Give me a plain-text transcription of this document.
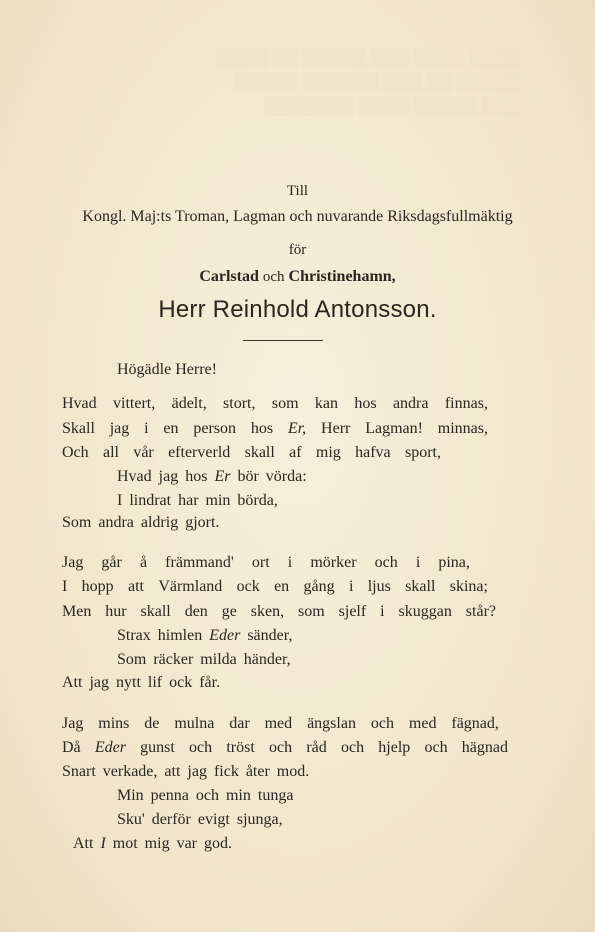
▒▒▒▒ ▒▒▒▒ ▒▒▒ ▒▒▒▒▒ ▒▒ ▒▒▒▒
▒▒▒▒▒ ▒▒ ▒▒▒ ▒▒▒▒▒▒ ▒▒▒▒▒
▒▒▒ ▒▒▒▒▒ ▒▒▒▒ ▒▒▒▒▒▒▒
Till
Kongl. Maj:ts Troman, Lagman och nuvarande Riksdagsfullmäktig
för
Carlstad och Christinehamn,
Herr Reinhold Antonsson.
Högädle Herre!
Hvad vittert, ädelt, stort, som kan hos andra finnas,
Skall jag i en person hos Er, Herr Lagman! minnas,
Och all vår efterverld skall af mig hafva sport,
Hvad jag hos Er bör vörda:
I lindrat har min börda,
Som andra aldrig gjort.
Jag går å främmand' ort i mörker och i pina,
I hopp att Värmland ock en gång i ljus skall skina;
Men hur skall den ge sken, som sjelf i skuggan står?
Strax himlen Eder sänder,
Som räcker milda händer,
Att jag nytt lif ock får.
Jag mins de mulna dar med ängslan och med fägnad,
Då Eder gunst och tröst och råd och hjelp och hägnad
Snart verkade, att jag fick åter mod.
Min penna och min tunga
Sku' derför evigt sjunga,
Att I mot mig var god.
